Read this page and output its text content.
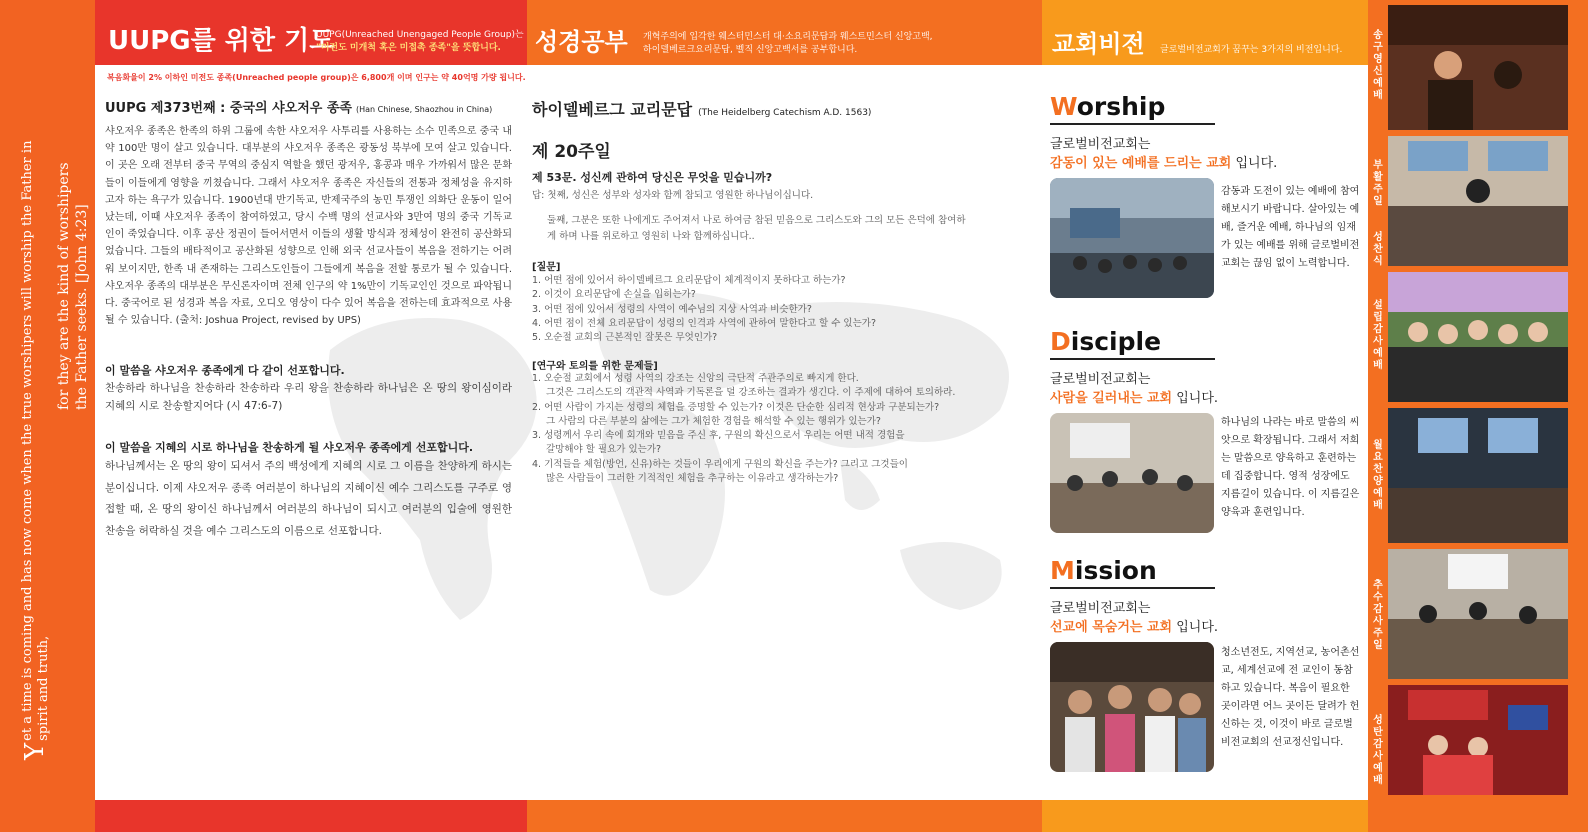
Y
et a time is coming and has now come when the true worshipers will worship the Father in spirit and truth,
for they are the kind of worshipers the Father seeks. [John 4:23]
UUPG를 위한 기도
UUPG(Unreached Unengaged People Group)는
"미전도 미개척 혹은 미접촉 종족"을 뜻합니다. 성경공부 개혁주의에 입각한 웨스터민스터 대·소요리문답과 웨스트민스터 신앙고백,
하이델베르크요리문답, 벨직 신앙고백서를 공부합니다.	교회비전 글로벌비전교회가 꿈꾸는 3가지의 비전입니다.
복음화율이 2% 이하인 미전도 종족(Unreached people group)은 6,800개 이며 인구는 약 40억명 가량 됩니다.
UUPG 제373번째 : 중국의 샤오저우 종족 (Han Chinese, Shaozhou in China)
샤오저우 종족은 한족의 하위 그룹에 속한 샤오저우 사투리를 사용하는 소수 민족으로 중국 내 약 100만 명이 살고 있습니다. 대부분의 샤오저우 종족은 광동성 북부에 모여 살고 있습니다. 이 곳은 오래 전부터 중국 무역의 중심지 역할을 했던 광저우, 홍콩과 매우 가까워서 많은 문화들이 이들에게 영향을 끼쳤습니다. 그래서 샤오저우 종족은 자신들의 전통과 정체성을 유지하고자 하는 욕구가 있습니다. 1900년대 반기독교, 반제국주의 농민 투쟁인 의화단 운동이 일어났는데, 이때 샤오저우 종족이 참여하였고, 당시 수백 명의 선교사와 3만여 명의 중국 기독교인이 죽었습니다. 이후 공산 정권이 들어서면서 이들의 생활 방식과 정체성이 완전히 공산화되었습니다. 그들의 배타적이고 공산화된 성향으로 인해 외국 선교사들이 복음을 전하기는 어려워 보이지만, 한족 내 존재하는 그리스도인들이 그들에게 복음을 전할 통로가 될 수 있습니다. 샤오저우 종족의 대부분은 무신론자이며 전체 인구의 약 1%만이 기독교인인 것으로 파악됩니다. 중국어로 된 성경과 복음 자료, 오디오 영상이 다수 있어 복음을 전하는데 효과적으로 사용될 수 있습니다. (출처: Joshua Project, revised by UPS)
이 말씀을 샤오저우 종족에게 다 같이 선포합니다.
찬송하라 하나님을 찬송하라 찬송하라 우리 왕을 찬송하라 하나님은 온 땅의 왕이심이라 지혜의 시로 찬송할지어다 (시 47:6-7)
이 말씀을 지혜의 시로 하나님을 찬송하게 될 샤오저우 종족에게 선포합니다.
하나님께서는 온 땅의 왕이 되셔서 주의 백성에게 지혜의 시로 그 이름을 찬양하게 하시는 분이십니다. 이제 샤오저우 종족 여러분이 하나님의 지혜이신 예수 그리스도를 구주로 영접할 때, 온 땅의 왕이신 하나님께서 여러분의 하나님이 되시고 여러분의 입술에 영원한 찬송을 허락하실 것을 예수 그리스도의 이름으로 선포합니다.
하이델베르그 교리문답 (The Heidelberg Catechism A.D. 1563)
제 20주일
제 53문. 성신께 관하여 당신은 무엇을 믿습니까?
답: 첫째, 성신은 성부와 성자와 함께 참되고 영원한 하나님이십니다.
둘째, 그분은 또한 나에게도 주어져서 나로 하여금 참된 믿음으로 그리스도와 그의 모든 은덕에 참여하게 하며 나를 위로하고 영원히 나와 함께하십니다..
[질문]
1. 어떤 점에 있어서 하이델베르그 요리문답이 체계적이지 못하다고 하는가?
2. 이것이 요리문답에 손실을 입히는가?
3. 어떤 점에 있어서 성령의 사역이 예수님의 지상 사역과 비슷한가?
4. 어떤 점이 전체 요리문답이 성령의 인격과 사역에 관하여 말한다고 할 수 있는가?
5. 오순절 교회의 근본적인 잘못은 무엇인가?
[연구와 토의를 위한 문제들]
1. 오순절 교회에서 성령 사역의 강조는 신앙의 극단적 주관주의로 빠지게 한다.
그것은 그리스도의 객관적 사역과 기독론을 덜 강조하는 결과가 생긴다. 이 주제에 대하여 토의하라.
2. 어떤 사람이 가지는 성령의 체험을 증명할 수 있는가? 이것은 단순한 심리적 현상과 구분되는가?
그 사람의 다른 부분의 삶에는 그가 체험한 경험을 해석할 수 있는 행위가 있는가?
3. 성령께서 우리 속에 회개와 믿음을 주신 후, 구원의 확신으로서 우리는 어떤 내적 경험을
갈망해야 할 필요가 있는가?
4. 기적들을 체험(방언, 신유)하는 것들이 우리에게 구원의 확신을 주는가? 그리고 그것들이
많은 사람들이 그러한 기적적인 체험을 추구하는 이유라고 생각하는가?
Worship
글로벌비전교회는
감동이 있는 예배를 드리는 교회 입니다.
감동과 도전이 있는 예배에 참여해보시기 바랍니다. 살아있는 예배, 즐거운 예배, 하나님의 임재가 있는 예배를 위해 글로벌비전교회는 끊임 없이 노력합니다.
Disciple
글로벌비전교회는
사람을 길러내는 교회 입니다.
하나님의 나라는 바로 말씀의 씨앗으로 확장됩니다. 그래서 저희는 말씀으로 양육하고 훈련하는데 집중합니다. 영적 성장에도 지름길이 있습니다. 이 지름길은 양육과 훈련입니다.
Mission
글로벌비전교회는
선교에 목숨거는 교회 입니다.
청소년전도, 지역선교, 농어촌선교, 세계선교에 전 교인이 동참하고 있습니다. 복음이 필요한 곳이라면 어느 곳이든 달려가 헌신하는 것, 이것이 바로 글로벌비전교회의 선교정신입니다.
송
구
영
신
예
배
부
활
주
일

성
찬
식
설
립
감
사
예
배
월
요
찬
양
예
배
추
수
감
사
주
일
성
탄
감
사
예
배
